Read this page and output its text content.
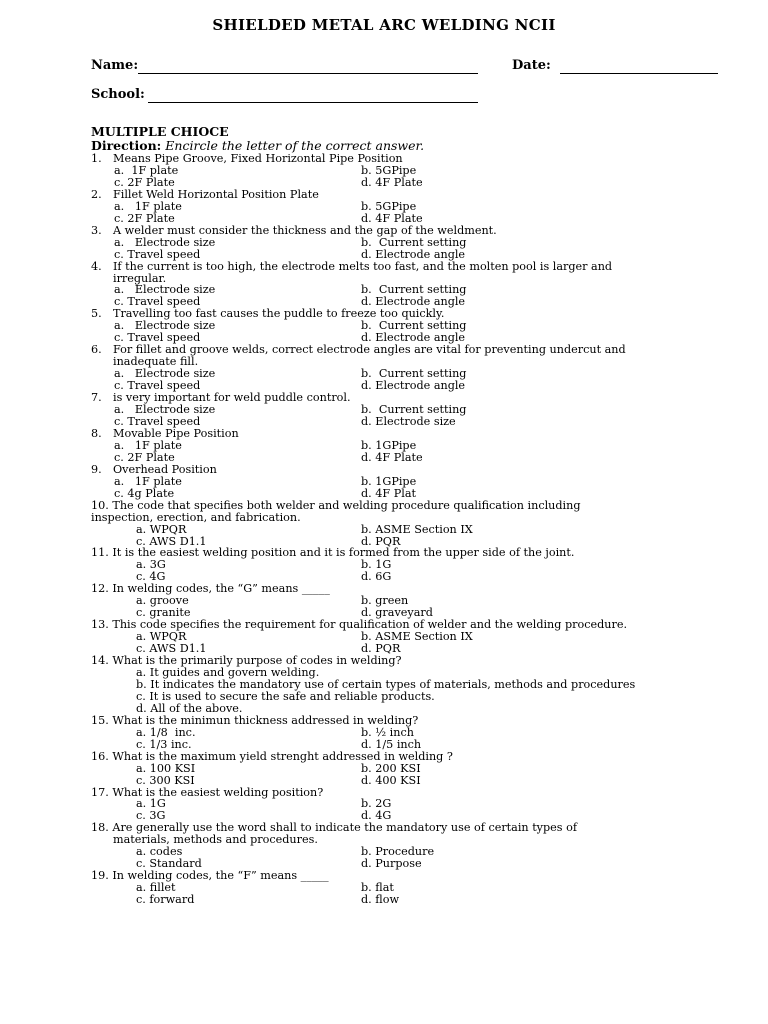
SHIELDED METAL ARC WELDING NCII
Name:	Date:
School:
MULTIPLE CHIOCE
Direction: Encircle the letter of the correct answer.
1. Means Pipe Groove, Fixed Horizontal Pipe Position
a.  1F plate	b. 5GPipe
c. 2F Plate	d. 4F Plate
2. Fillet Weld Horizontal Position Plate
a.   1F plate	b. 5GPipe
c. 2F Plate	d. 4F Plate
3. A welder must consider the thickness and the gap of the weldment.
a.   Electrode size	b.  Current setting
c. Travel speed	d. Electrode angle
4. If the current is too high, the electrode melts too fast, and the molten pool is larger and
irregular.
a.   Electrode size	b.  Current setting
c. Travel speed	d. Electrode angle
5. Travelling too fast causes the puddle to freeze too quickly.
a.   Electrode size	b.  Current setting
c. Travel speed	d. Electrode angle
6. For fillet and groove welds, correct electrode angles are vital for preventing undercut and
inadequate fill.
a.   Electrode size	b.  Current setting
c. Travel speed	d. Electrode angle
7. is very important for weld puddle control.
a.   Electrode size	b.  Current setting
c. Travel speed	d. Electrode size
8. Movable Pipe Position
a.   1F plate	b. 1GPipe
c. 2F Plate	d. 4F Plate
9. Overhead Position
a.   1F plate	b. 1GPipe
c. 4g Plate	d. 4F Plat
10. The code that specifies both welder and welding procedure qualification including
inspection, erection, and fabrication.
a. WPQR	b. ASME Section IX
c. AWS D1.1	d. PQR
11. It is the easiest welding position and it is formed from the upper side of the joint.
a. 3G	b. 1G
c. 4G	d. 6G
12. In welding codes, the “G” means _____
a. groove	b. green
c. granite	d. graveyard
13. This code specifies the requirement for qualification of welder and the welding procedure.
a. WPQR	b. ASME Section IX
c. AWS D1.1	d. PQR
14. What is the primarily purpose of codes in welding?
a. It guides and govern welding.
b. It indicates the mandatory use of certain types of materials, methods and procedures
c. It is used to secure the safe and reliable products.
d. All of the above.
15. What is the minimun thickness addressed in welding?
a. 1/8  inc.	b. ½ inch
c. 1/3 inc.	d. 1/5 inch
16. What is the maximum yield strenght addressed in welding ?
a. 100 KSI	b. 200 KSI
c. 300 KSI	d. 400 KSI
17. What is the easiest welding position?
a. 1G	b. 2G
c. 3G	d. 4G
18. Are generally use the word shall to indicate the mandatory use of certain types of
materials, methods and procedures.
a. codes	b. Procedure
c. Standard	d. Purpose
19. In welding codes, the “F” means _____
a. fillet	b. flat
c. forward	d. flow
